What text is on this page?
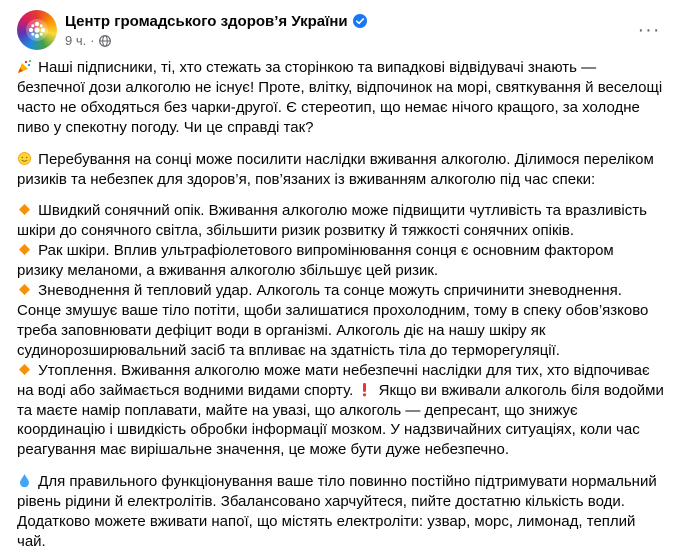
Центр громадського здоров’я України
9 ч. ·	···
Наші підписники, ті, хто стежать за сторінкою та випадкові відвідувачі знають —
безпечної дози алкоголю не існує! Проте, влітку, відпочинок на морі, святкування й веселощі
часто не обходяться без чарки-другої. Є стереотип, що немає нічого кращого, за холодне
пиво у спекотну погоду. Чи це справді так?
Перебування на сонці може посилити наслідки вживання алкоголю. Ділимося переліком
ризиків та небезпек для здоров’я, пов’язаних із вживанням алкоголю під час спеки:
Швидкий сонячний опік. Вживання алкоголю може підвищити чутливість та вразливість
шкіри до сонячного світла, збільшити ризик розвитку й тяжкості сонячних опіків.
Рак шкіри. Вплив ультрафіолетового випромінювання сонця є основним фактором
ризику меланоми, а вживання алкоголю збільшує цей ризик.
Зневоднення й тепловий удар. Алкоголь та сонце можуть спричинити зневоднення.
Сонце змушує ваше тіло потіти, щоби залишатися прохолодним, тому в спеку обов’язково
треба заповнювати дефіцит води в організмі. Алкоголь діє на нашу шкіру як
судинорозширювальний засіб та впливає на здатність тіла до терморегуляції.
Утоплення. Вживання алкоголю може мати небезпечні наслідки для тих, хто відпочиває
на воді або займається водними видами спорту.  Якщо ви вживали алкоголь біля водойми
та маєте намір поплавати, майте на увазі, що алкоголь — депресант, що знижує
координацію і швидкість обробки інформації мозком. У надзвичайних ситуаціях, коли час
реагування має вирішальне значення, це може бути дуже небезпечно.
Для правильного функціонування ваше тіло повинно постійно підтримувати нормальний
рівень рідини й електролітів. Збалансовано харчуйтеся, пийте достатню кількість води.
Додатково можете вживати напої, що містять електроліти: узвар, морс, лимонад, теплий
чай.
